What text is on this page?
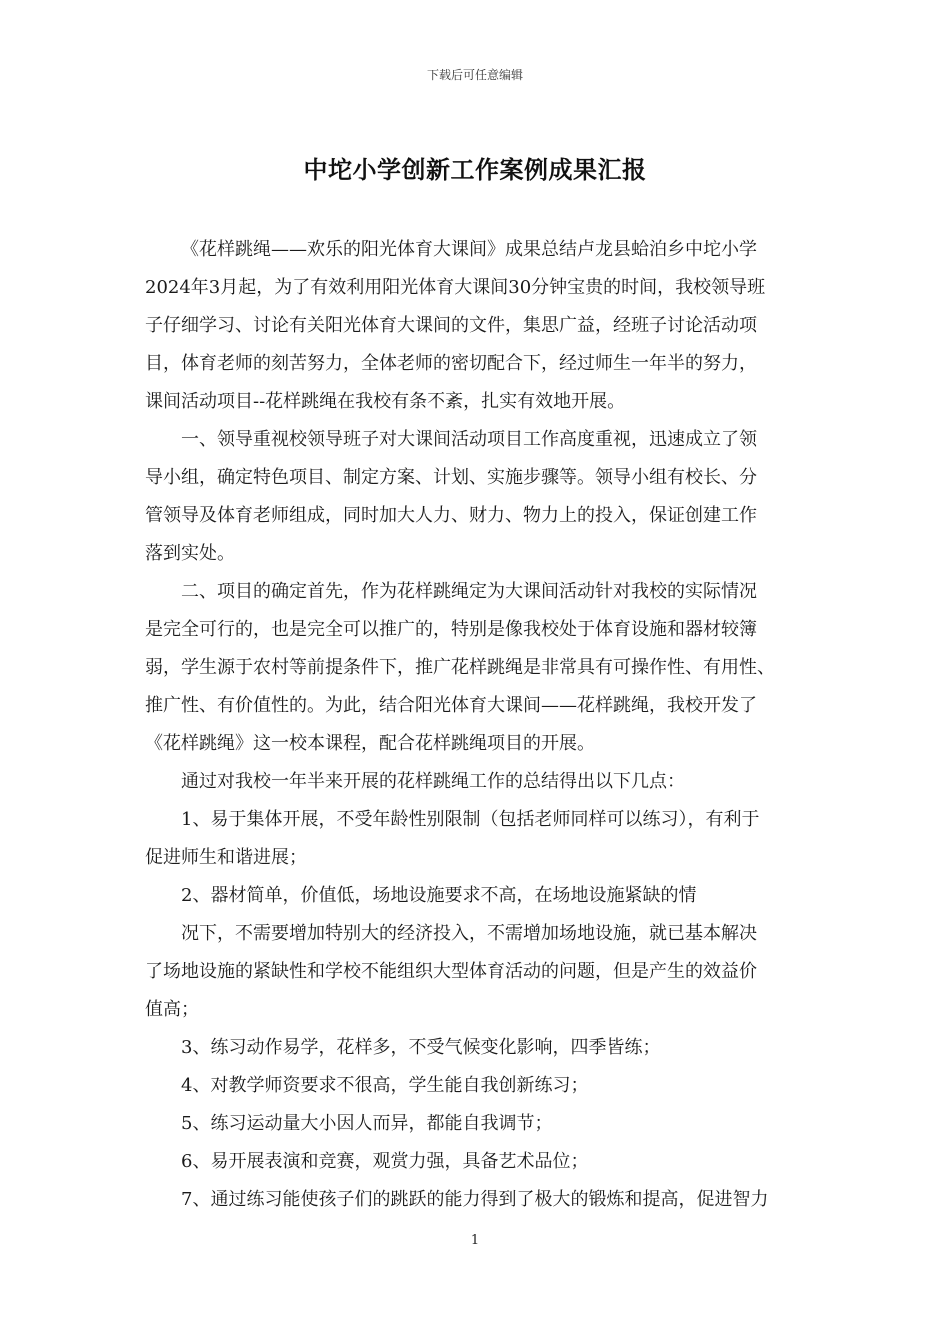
下载后可任意编辑
中坨小学创新工作案例成果汇报
《花样跳绳——欢乐的阳光体育大课间》成果总结卢龙县蛤泊乡中坨小学
2024年3月起，为了有效利用阳光体育大课间30分钟宝贵的时间，我校领导班
子仔细学习、讨论有关阳光体育大课间的文件，集思广益，经班子讨论活动项
目，体育老师的刻苦努力，全体老师的密切配合下，经过师生一年半的努力，
课间活动项目--花样跳绳在我校有条不紊，扎实有效地开展。
一、领导重视校领导班子对大课间活动项目工作高度重视，迅速成立了领
导小组，确定特色项目、制定方案、计划、实施步骤等。领导小组有校长、分
管领导及体育老师组成，同时加大人力、财力、物力上的投入，保证创建工作
落到实处。
二、项目的确定首先，作为花样跳绳定为大课间活动针对我校的实际情况
是完全可行的，也是完全可以推广的，特别是像我校处于体育设施和器材较簿
弱，学生源于农村等前提条件下，推广花样跳绳是非常具有可操作性、有用性、
推广性、有价值性的。为此，结合阳光体育大课间——花样跳绳，我校开发了
《花样跳绳》这一校本课程，配合花样跳绳项目的开展。
通过对我校一年半来开展的花样跳绳工作的总结得出以下几点：
1、易于集体开展，不受年龄性别限制（包括老师同样可以练习），有利于
促进师生和谐进展；
2、器材简单，价值低，场地设施要求不高，在场地设施紧缺的情
况下，不需要增加特别大的经济投入，不需增加场地设施，就已基本解决
了场地设施的紧缺性和学校不能组织大型体育活动的问题，但是产生的效益价
值高；
3、练习动作易学，花样多，不受气候变化影响，四季皆练；
4、对教学师资要求不很高，学生能自我创新练习；
5、练习运动量大小因人而异，都能自我调节；
6、易开展表演和竞赛，观赏力强，具备艺术品位；
7、通过练习能使孩子们的跳跃的能力得到了极大的锻炼和提高，促进智力
1
